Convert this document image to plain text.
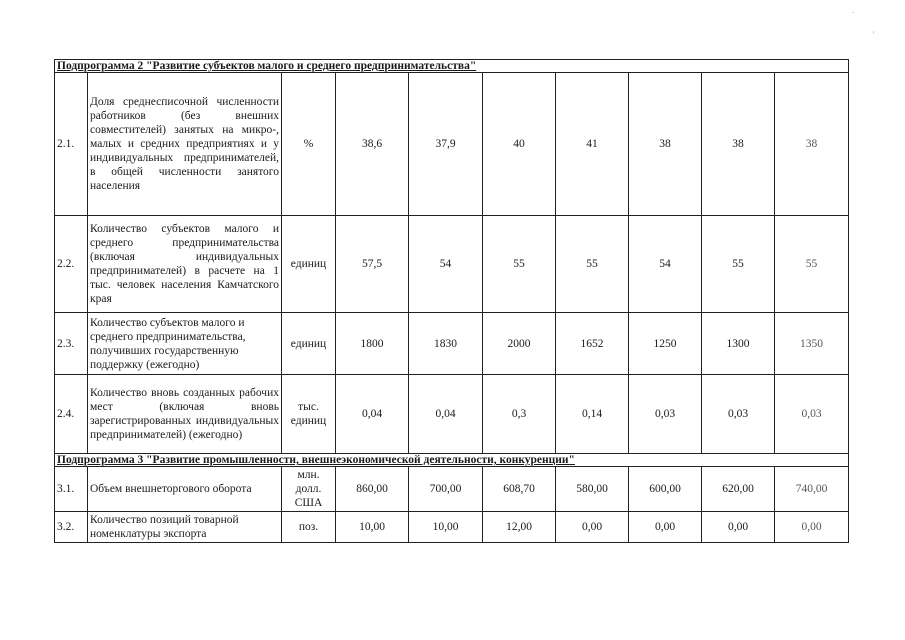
.
'
Подпрограмма 2 "Развитие субъектов малого и среднего предпринимательства"									
2.1.	Доля среднесписочной численности работников (без внешних совместителей) занятых на микро-, малых и средних предприятиях и у индивидуальных предпринимателей, в общей численности занятого населения	%	38,6	37,9	40	41	38	38	38
2.2.	Количество субъектов малого и среднего предпринимательства (включая индивидуальных предпринимателей) в расчете на 1 тыс. человек населения Камчатского края	единиц	57,5	54	55	55	54	55	55
2.3.	Количество субъектов малого и среднего предпринимательства, получивших государственную поддержку (ежегодно)	единиц	1800	1830	2000	1652	1250	1300	1350
2.4.	Количество вновь созданных рабочих мест (включая вновь зарегистрированных индивидуальных предпринимателей) (ежегодно)	тыс. единиц	0,04	0,04	0,3	0,14	0,03	0,03	0,03
Подпрограмма 3 "Развитие промышленности, внешнеэкономической деятельности, конкуренции"									
3.1.	Объем внешнеторгового оборота	млн. долл. США	860,00	700,00	608,70	580,00	600,00	620,00	740,00
3.2.	Количество позиций товарной номенклатуры экспорта	поз.	10,00	10,00	12,00	0,00	0,00	0,00	0,00
